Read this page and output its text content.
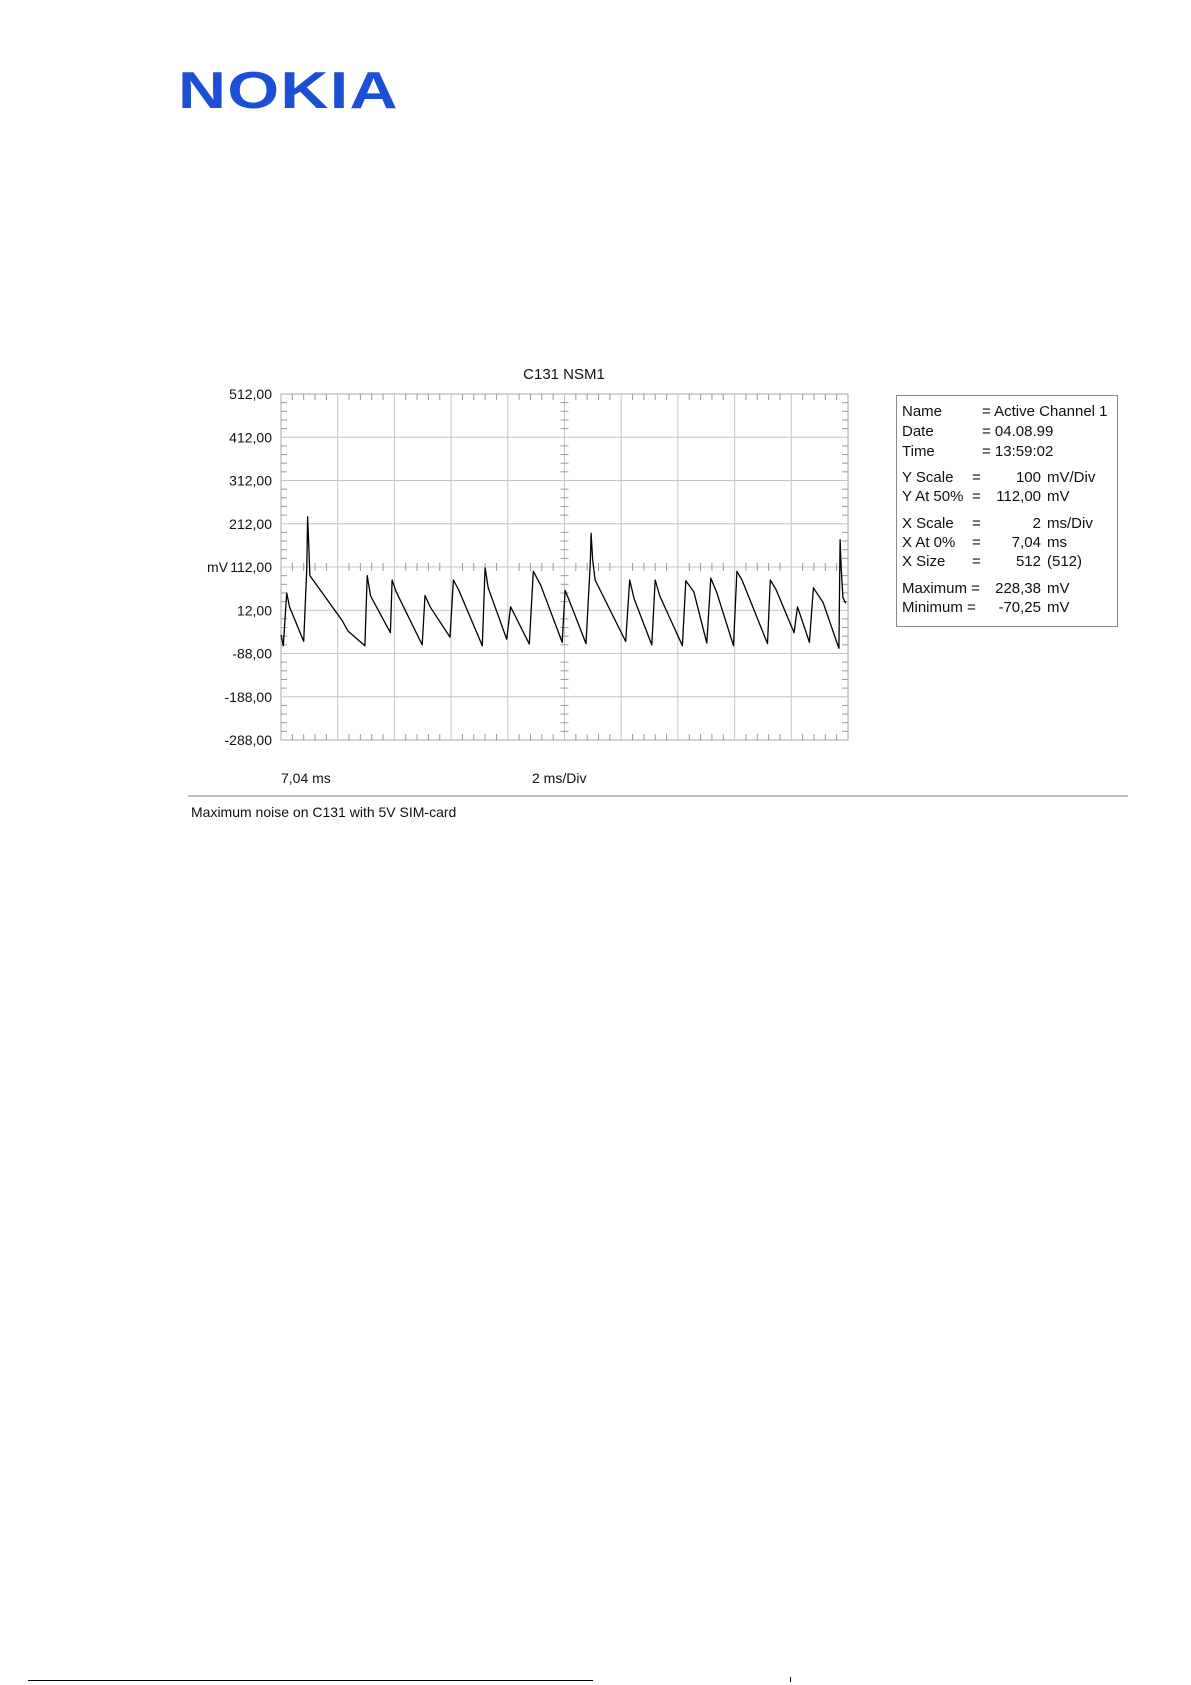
NOKIA
C131 NSM1
512,00
412,00
312,00
212,00
112,00
12,00
-88,00
-188,00
-288,00
mV
7,04 ms	2 ms/Div
Name	= Active Channel 1
Date	= 04.08.99
Time	= 13:59:02
Y Scale =	100 mV/Div
Y At 50% =	112,00 mV
X Scale =	2 ms/Div
X At 0% =	7,04 ms
X Size =	512 (512)
Maximum =	228,38 mV
Minimum =	-70,25 mV
Maximum noise on C131 with 5V SIM-card
